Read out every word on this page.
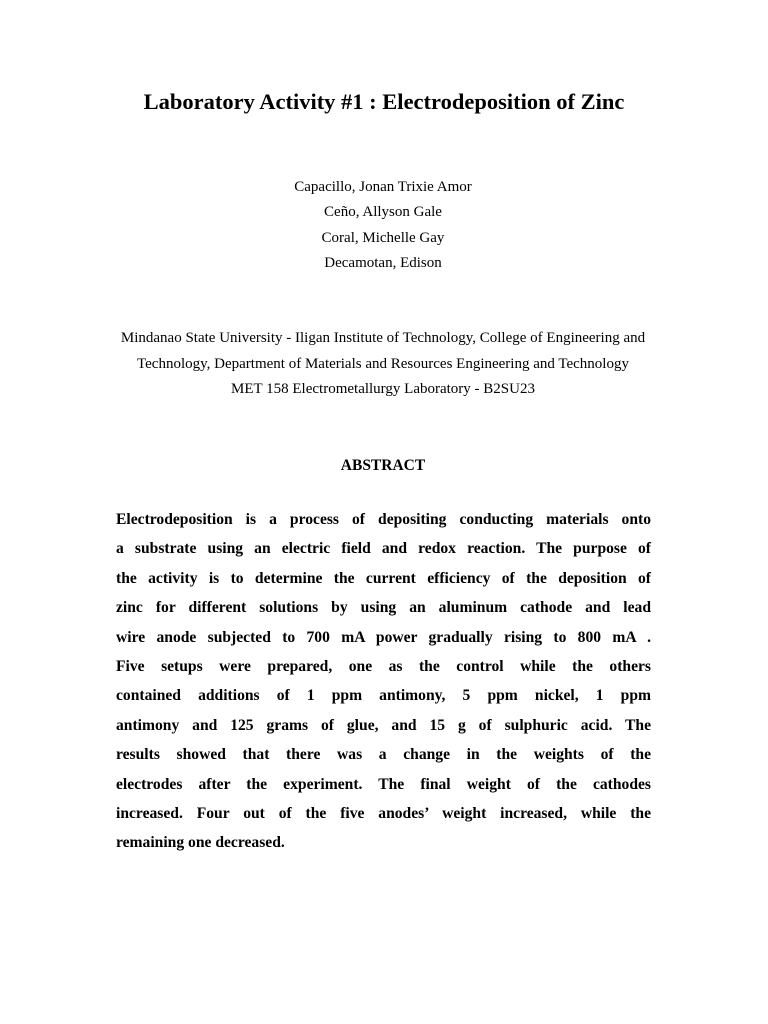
Laboratory Activity #1 : Electrodeposition of Zinc
Capacillo, Jonan Trixie Amor
Ceño, Allyson Gale
Coral, Michelle Gay
Decamotan, Edison
Mindanao State University - Iligan Institute of Technology, College of Engineering and
Technology, Department of Materials and Resources Engineering and Technology
MET 158 Electrometallurgy Laboratory - B2SU23
ABSTRACT
Electrodeposition is a process of depositing conducting materials onto
a substrate using an electric field and redox reaction. The purpose of
the activity is to determine the current efficiency of the deposition of
zinc for different solutions by using an aluminum cathode and lead
wire anode subjected to 700 mA power gradually rising to 800 mA .
Five setups were prepared, one as the control while the others
contained additions of 1 ppm antimony, 5 ppm nickel, 1 ppm
antimony and 125 grams of glue, and 15 g of sulphuric acid. The
results showed that there was a change in the weights of the
electrodes after the experiment. The final weight of the cathodes
increased. Four out of the five anodes’ weight increased, while the
remaining one decreased.
